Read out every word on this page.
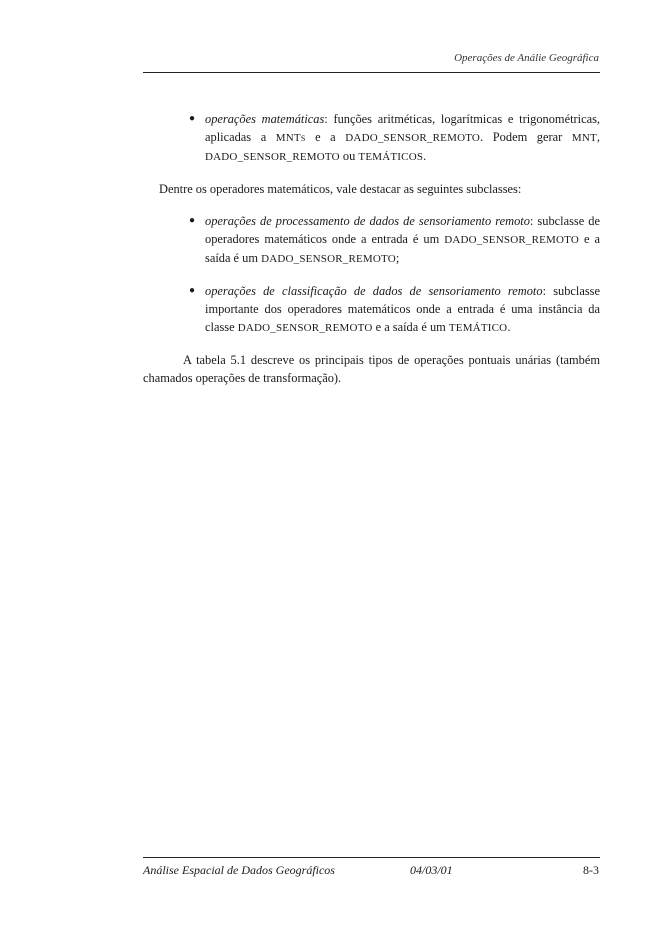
Operações de Análie Geográfica

● operações matemáticas: funções aritméticas, logarítmicas e trigonométricas, aplicadas a MNTs e a DADO_SENSOR_REMOTO. Podem gerar MNT, DADO_SENSOR_REMOTO ou TEMÁTICOS.

Dentre os operadores matemáticos, vale destacar as seguintes subclasses:

● operações de processamento de dados de sensoriamento remoto: subclasse de operadores matemáticos onde a entrada é um DADO_SENSOR_REMOTO e a saída é um DADO_SENSOR_REMOTO;

● operações de classificação de dados de sensoriamento remoto: subclasse importante dos operadores matemáticos onde a entrada é uma instância da classe DADO_SENSOR_REMOTO e a saída é um TEMÁTICO.

A tabela 5.1 descreve os principais tipos de operações pontuais unárias (também chamados operações de transformação).

Análise Espacial de Dados Geográficos	04/03/01	8-3
